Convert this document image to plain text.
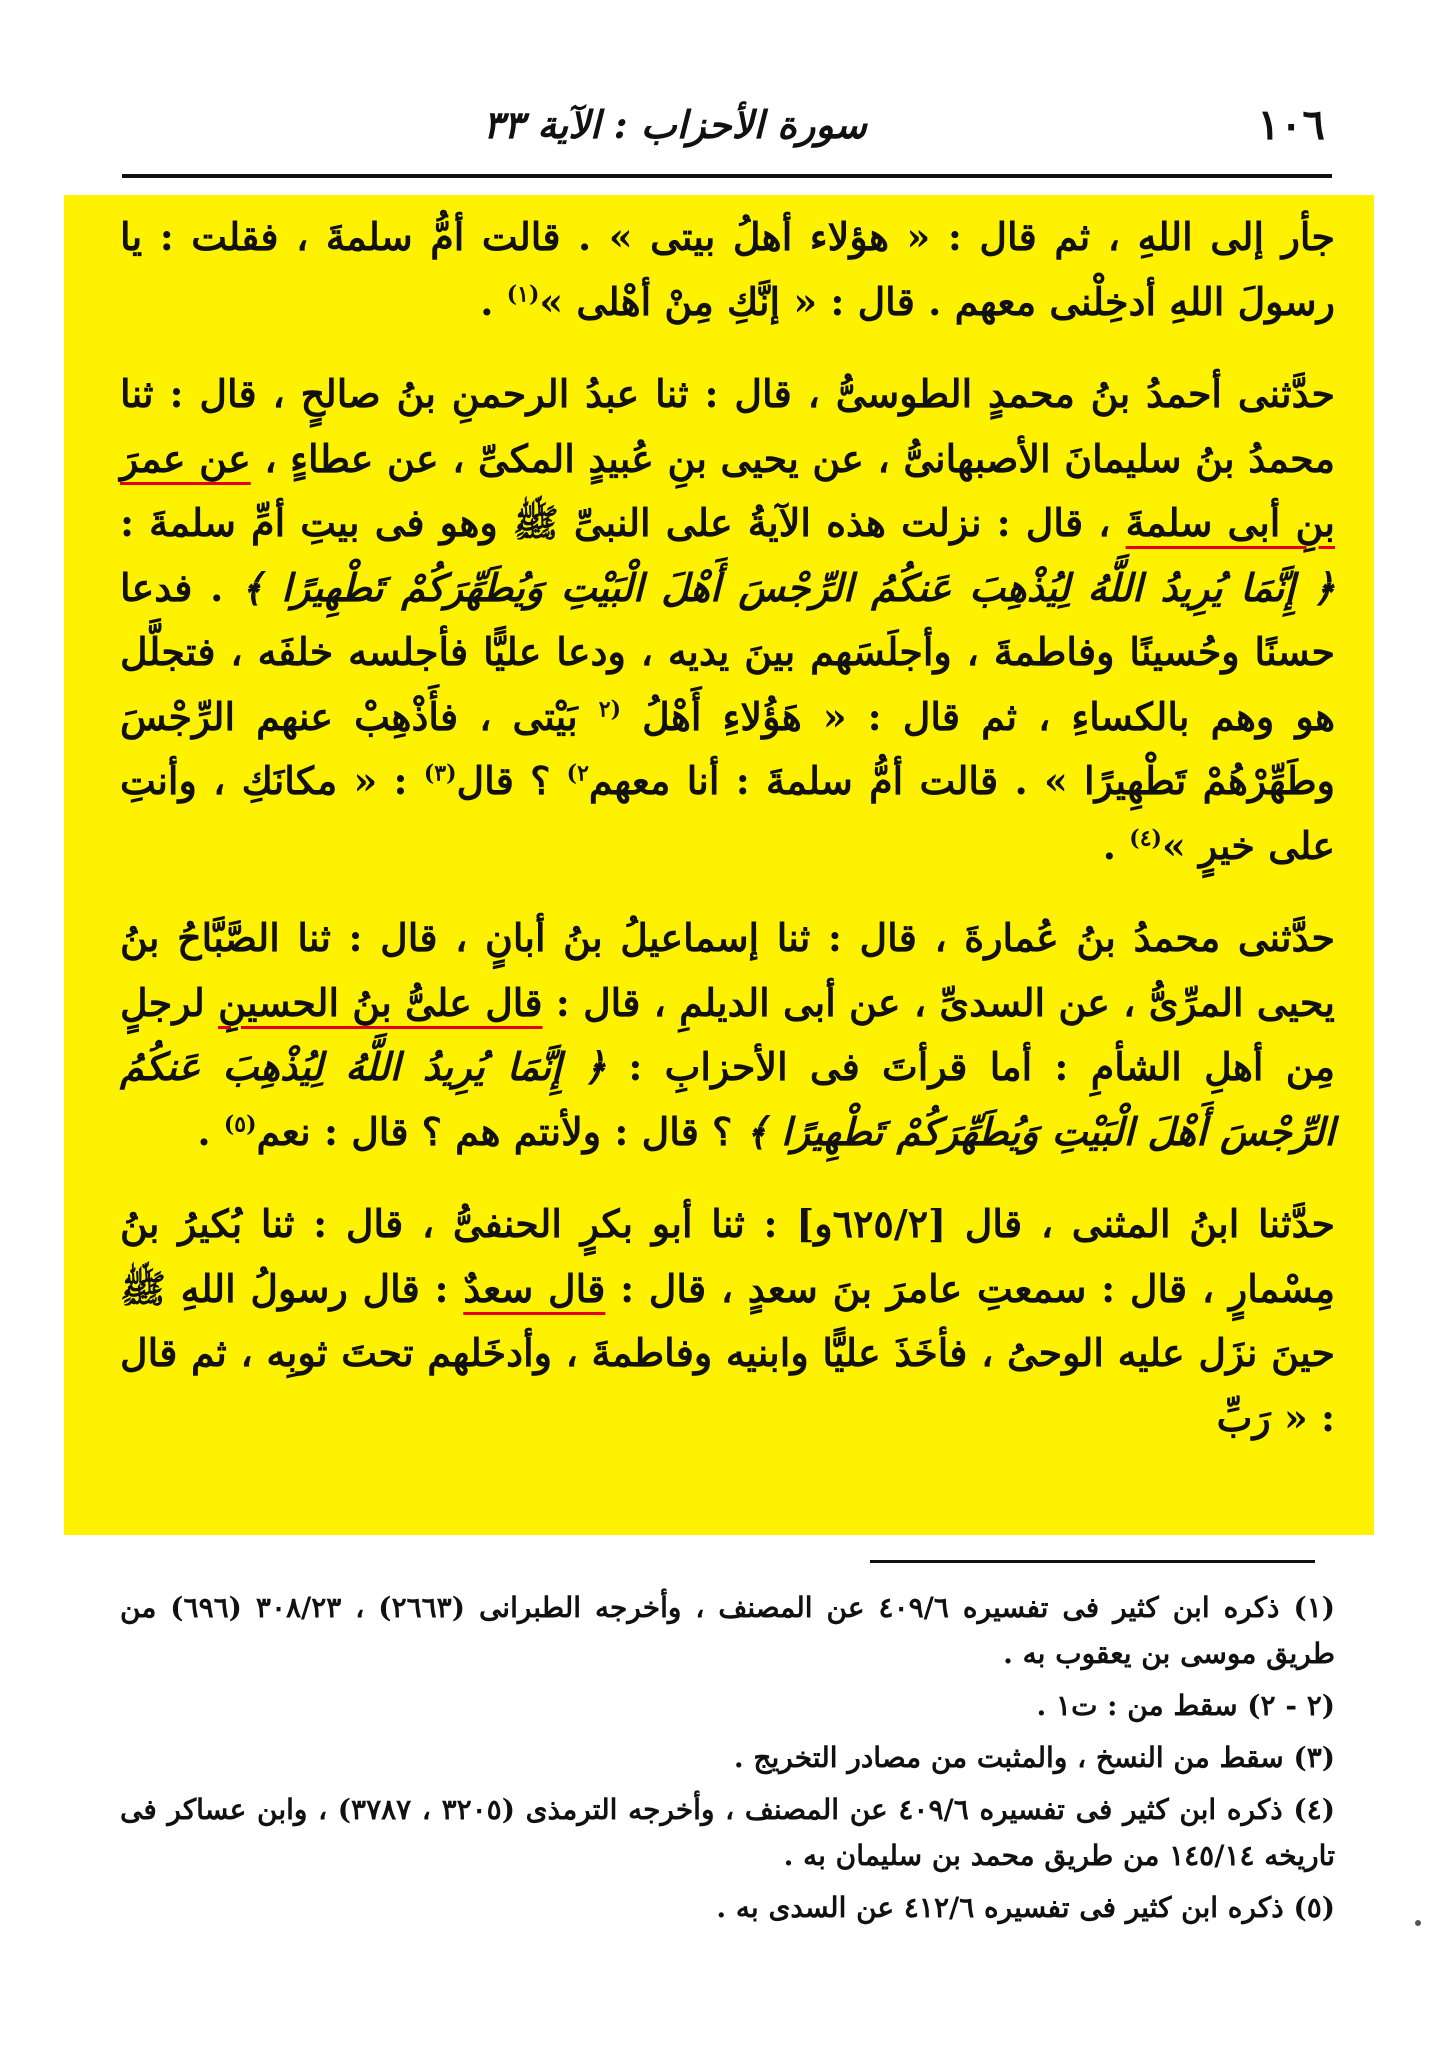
١٠٦
سورة الأحزاب : الآية ٣٣

جأر إلى اللهِ ، ثم قال : « هؤلاء أهلُ بيتى » . قالت أمُّ سلمةَ ، فقلت : يا رسولَ اللهِ أدخِلْنى معهم . قال : « إنَّكِ مِنْ أهْلى »$^{(١)}$ .

حدَّثنى أحمدُ بنُ محمدٍ الطوسىُّ ، قال : ثنا عبدُ الرحمنِ بنُ صالحٍ ، قال : ثنا محمدُ بنُ سليمانَ الأصبهانىُّ ، عن يحيى بنِ عُبيدٍ المكىِّ ، عن عطاءٍ ، عن عمرَ بنِ أبى سلمةَ ، قال : نزلت هذه الآيةُ على النبىِّ ﷺ وهو فى بيتِ أمِّ سلمةَ : ﴿ إِنَّمَا يُرِيدُ اللَّهُ لِيُذْهِبَ عَنكُمُ الرِّجْسَ أَهْلَ الْبَيْتِ وَيُطَهِّرَكُمْ تَطْهِيرًا ﴾ . فدعا حسنًا وحُسينًا وفاطمةَ ، وأجلَسَهم بينَ يديه ، ودعا عليًّا فأجلسه خلفَه ، فتجلَّل هو وهم بالكساءِ ، ثم قال : « هَؤُلاءِ أَهْلُ $^{(٢}$ بَيْتى ، فأَذْهِبْ عنهم الرِّجْسَ وطَهِّرْهُمْ تَطْهِيرًا » . قالت أمُّ سلمةَ : أنا معهم$^{٢)}$ ؟ قال$^{(٣)}$ : « مكانَكِ ، وأنتِ على خيرٍ »$^{(٤)}$ .

حدَّثنى محمدُ بنُ عُمارةَ ، قال : ثنا إسماعيلُ بنُ أبانٍ ، قال : ثنا الصَّبَّاحُ بنُ يحيى المرِّىُّ ، عن السدىِّ ، عن أبى الديلمِ ، قال : قال علىُّ بنُ الحسينِ لرجلٍ مِن أهلِ الشأمِ : أما قرأتَ فى الأحزابِ : ﴿ إِنَّمَا يُرِيدُ اللَّهُ لِيُذْهِبَ عَنكُمُ الرِّجْسَ أَهْلَ الْبَيْتِ وَيُطَهِّرَكُمْ تَطْهِيرًا ﴾ ؟ قال : ولأنتم هم ؟ قال : نعم$^{(٥)}$ .

حدَّثنا ابنُ المثنى ، قال [٦٢٥/٢و] : ثنا أبو بكرٍ الحنفىُّ ، قال : ثنا بُكيرُ بنُ مِسْمارٍ ، قال : سمعتِ عامرَ بنَ سعدٍ ، قال : قال سعدٌ : قال رسولُ اللهِ ﷺ حينَ نزَل عليه الوحىُ ، فأخَذَ عليًّا وابنيه وفاطمةَ ، وأدخَلهم تحتَ ثوبِه ، ثم قال : « رَبِّ

(١) ذكره ابن كثير فى تفسيره ٤٠٩/٦ عن المصنف ، وأخرجه الطبرانى (٢٦٦٣) ، ٣٠٨/٢٣ (٦٩٦) من طريق موسى بن يعقوب به .

(٢ - ٢) سقط من : ت١ .

(٣) سقط من النسخ ، والمثبت من مصادر التخريج .

(٤) ذكره ابن كثير فى تفسيره ٤٠٩/٦ عن المصنف ، وأخرجه الترمذى (٣٢٠٥ ، ٣٧٨٧) ، وابن عساكر فى تاريخه ١٤٥/١٤ من طريق محمد بن سليمان به .

(٥) ذكره ابن كثير فى تفسيره ٤١٢/٦ عن السدى به .
